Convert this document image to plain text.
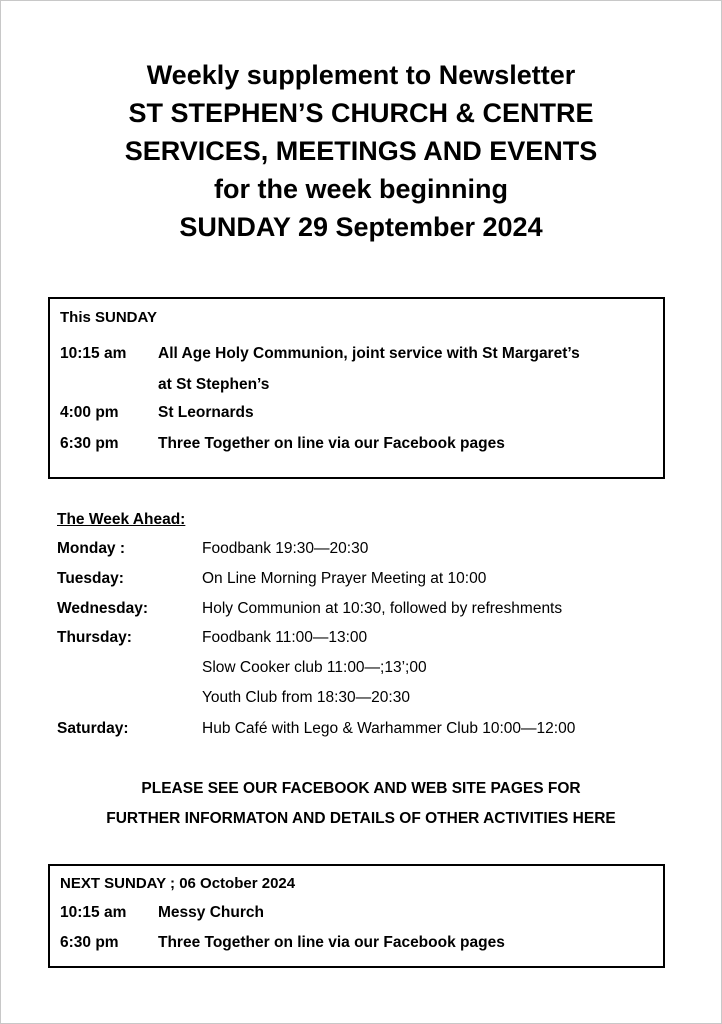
Weekly supplement to Newsletter
ST STEPHEN’S CHURCH & CENTRE
SERVICES, MEETINGS AND EVENTS
for the week beginning
SUNDAY 29 September 2024
This SUNDAY
10:15 am All Age Holy Communion, joint service with St Margaret’s
at St Stephen’s
4:00 pm	St Leornards
6:30 pm	Three Together on line via our Facebook pages
The Week Ahead:
Monday :	Foodbank 19:30—20:30
Tuesday:	On Line Morning Prayer Meeting at 10:00
Wednesday:	Holy Communion at 10:30, followed by refreshments
Thursday:	Foodbank 11:00—13:00
Slow Cooker club 11:00—;13’;00
Youth Club from 18:30—20:30
Saturday:	Hub Café with Lego & Warhammer Club 10:00—12:00
PLEASE SEE OUR FACEBOOK AND WEB SITE PAGES FOR
FURTHER INFORMATON AND DETAILS OF OTHER ACTIVITIES HERE
NEXT SUNDAY ; 06 October 2024
10:15 am Messy Church
6:30 pm	Three Together on line via our Facebook pages
